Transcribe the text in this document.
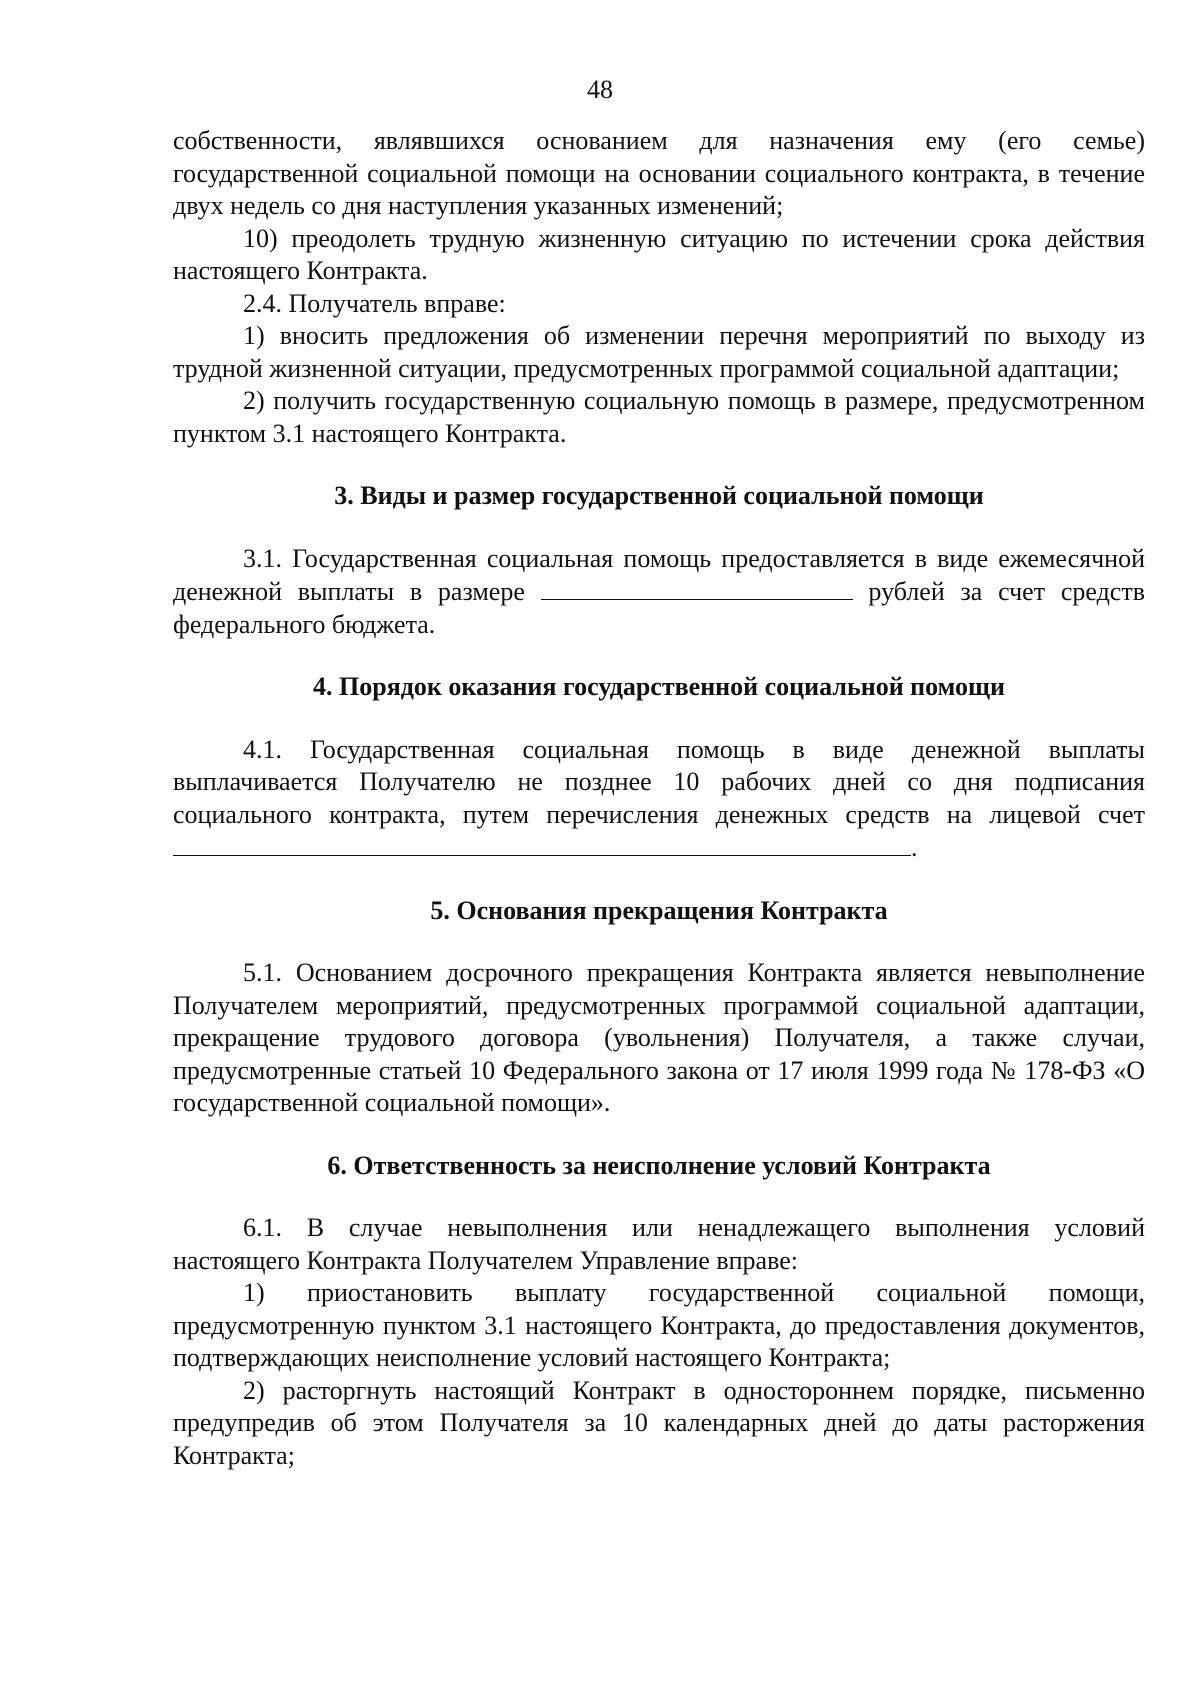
48

собственности, являвшихся основанием для назначения ему (его семье) государственной социальной помощи на основании социального контракта, в течение двух недель со дня наступления указанных изменений;

10) преодолеть трудную жизненную ситуацию по истечении срока действия настоящего Контракта.

2.4. Получатель вправе:

1) вносить предложения об изменении перечня мероприятий по выходу из трудной жизненной ситуации, предусмотренных программой социальной адаптации;

2) получить государственную социальную помощь в размере, предусмотренном пунктом 3.1 настоящего Контракта.

3. Виды и размер государственной социальной помощи

3.1. Государственная социальная помощь предоставляется в виде ежемесячной денежной выплаты в размере	рублей за счет средств федерального бюджета.

4. Порядок оказания государственной социальной помощи

4.1. Государственная социальная помощь в виде денежной выплаты выплачивается Получателю не позднее 10 рабочих дней со дня подписания социального контракта, путем перечисления денежных средств на лицевой счет .

5. Основания прекращения Контракта

5.1. Основанием досрочного прекращения Контракта является невыполнение Получателем мероприятий, предусмотренных программой социальной адаптации, прекращение трудового договора (увольнения) Получателя, а также случаи, предусмотренные статьей 10 Федерального закона от 17 июля 1999 года № 178-ФЗ «О государственной социальной помощи».

6. Ответственность за неисполнение условий Контракта

6.1. В случае невыполнения или ненадлежащего выполнения условий настоящего Контракта Получателем Управление вправе:

1) приостановить выплату государственной социальной помощи, предусмотренную пунктом 3.1 настоящего Контракта, до предоставления документов, подтверждающих неисполнение условий настоящего Контракта;

2) расторгнуть настоящий Контракт в одностороннем порядке, письменно предупредив об этом Получателя за 10 календарных дней до даты расторжения Контракта;
